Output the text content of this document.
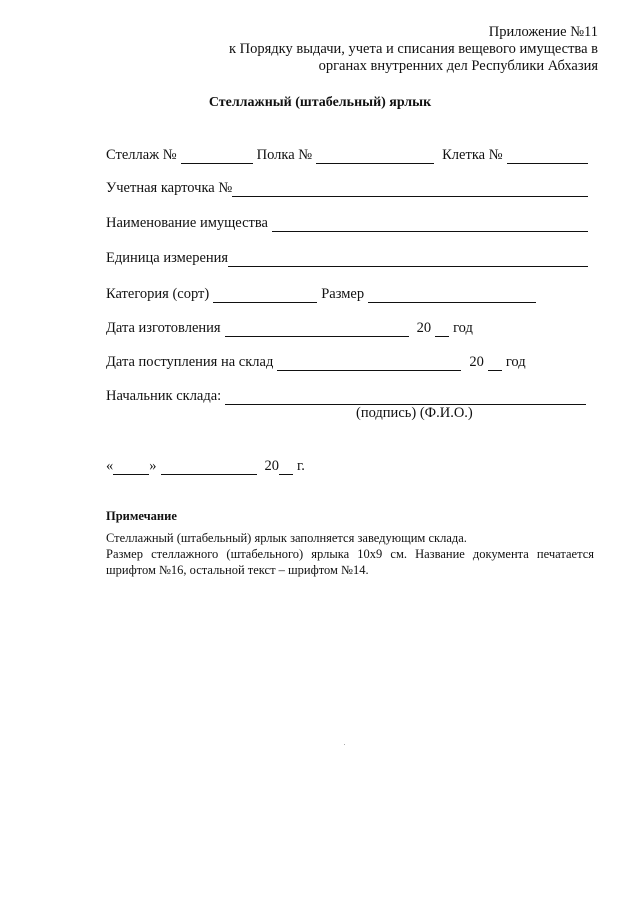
Приложение №11
к Порядку выдачи, учета и списания вещевого имущества в
органах внутренних дел Республики Абхазия
Стеллажный (штабельный) ярлык
Стеллаж №	Полка №	Клетка №
Учетная карточка №
Наименование имущества
Единица измерения
Категория (сорт)	Размер
Дата изготовления	20 год
Дата поступления на склад	20 год
Начальник склада:
(подпись) (Ф.И.О.)
« »	20 г.
Примечание

Стеллажный (штабельный) ярлык заполняется заведующим склада.

Размер стеллажного (штабельного) ярлыка 10х9 см. Название документа печатается шрифтом №16, остальной текст – шрифтом №14.
